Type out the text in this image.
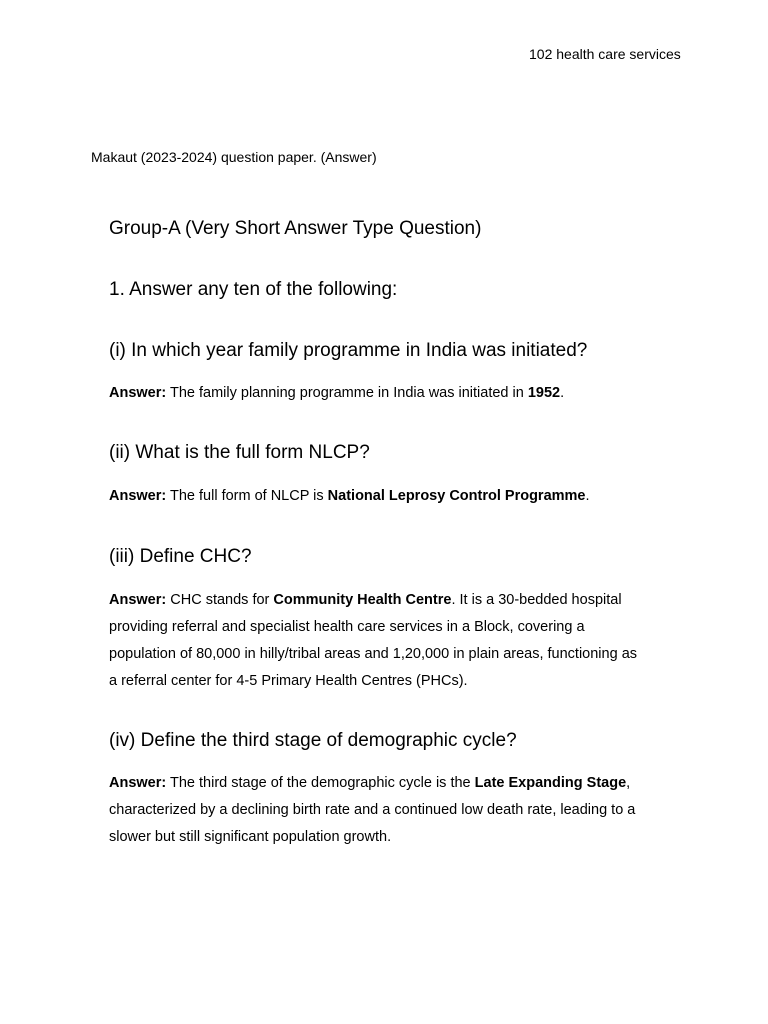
102 health care services
Makaut (2023-2024) question paper. (Answer)
Group-A (Very Short Answer Type Question)
1. Answer any ten of the following:
(i) In which year family programme in India was initiated?
Answer: The family planning programme in India was initiated in 1952.
(ii) What is the full form NLCP?
Answer: The full form of NLCP is National Leprosy Control Programme.
(iii) Define CHC?
Answer: CHC stands for Community Health Centre. It is a 30-bedded hospital
providing referral and specialist health care services in a Block, covering a
population of 80,000 in hilly/tribal areas and 1,20,000 in plain areas, functioning as
a referral center for 4-5 Primary Health Centres (PHCs).
(iv) Define the third stage of demographic cycle?
Answer: The third stage of the demographic cycle is the Late Expanding Stage,
characterized by a declining birth rate and a continued low death rate, leading to a
slower but still significant population growth.
